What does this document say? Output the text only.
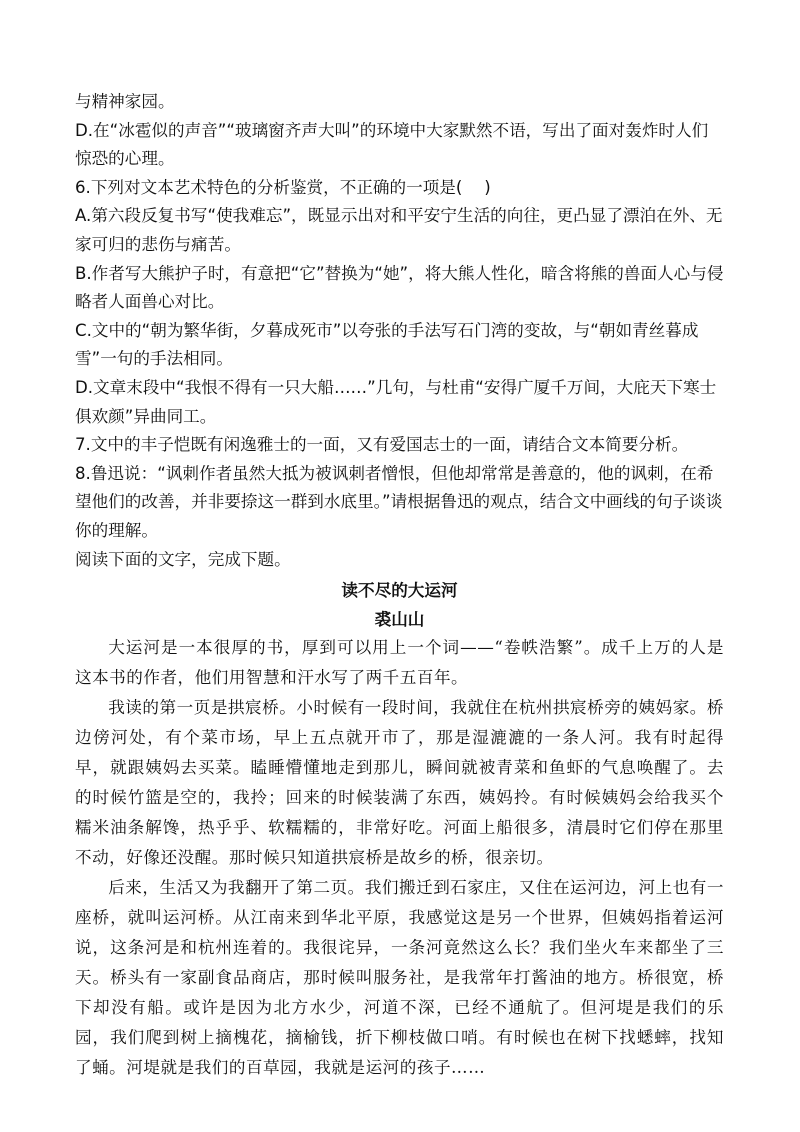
与精神家园。

D.在“冰雹似的声音”“玻璃窗齐声大叫”的环境中大家默然不语，写出了面对轰炸时人们惊恐的心理。

6.下列对文本艺术特色的分析鉴赏，不正确的一项是(　 )

A.第六段反复书写“使我难忘”，既显示出对和平安宁生活的向往，更凸显了漂泊在外、无家可归的悲伤与痛苦。

B.作者写大熊护子时，有意把“它”替换为“她”，将大熊人性化，暗含将熊的兽面人心与侵略者人面兽心对比。

C.文中的“朝为繁华街，夕暮成死市”以夸张的手法写石门湾的变故，与“朝如青丝暮成雪”一句的手法相同。

D.文章末段中“我恨不得有一只大船……”几句，与杜甫“安得广厦千万间，大庇天下寒士俱欢颜”异曲同工。

7.文中的丰子恺既有闲逸雅士的一面，又有爱国志士的一面，请结合文本简要分析。

8.鲁迅说：“讽刺作者虽然大抵为被讽刺者憎恨，但他却常常是善意的，他的讽刺，在希望他们的改善，并非要捺这一群到水底里。”请根据鲁迅的观点，结合文中画线的句子谈谈你的理解。

阅读下面的文字，完成下题。

读不尽的大运河

裘山山

大运河是一本很厚的书，厚到可以用上一个词——“卷帙浩繁”。成千上万的人是这本书的作者，他们用智慧和汗水写了两千五百年。

我读的第一页是拱宸桥。小时候有一段时间，我就住在杭州拱宸桥旁的姨妈家。桥边傍河处，有个菜市场，早上五点就开市了，那是湿漉漉的一条人河。我有时起得早，就跟姨妈去买菜。瞌睡懵懂地走到那儿，瞬间就被青菜和鱼虾的气息唤醒了。去的时候竹篮是空的，我拎；回来的时候装满了东西，姨妈拎。有时候姨妈会给我买个糯米油条解馋，热乎乎、软糯糯的，非常好吃。河面上船很多，清晨时它们停在那里不动，好像还没醒。那时候只知道拱宸桥是故乡的桥，很亲切。

后来，生活又为我翻开了第二页。我们搬迁到石家庄，又住在运河边，河上也有一座桥，就叫运河桥。从江南来到华北平原，我感觉这是另一个世界，但姨妈指着运河说，这条河是和杭州连着的。我很诧异，一条河竟然这么长？我们坐火车来都坐了三天。桥头有一家副食品商店，那时候叫服务社，是我常年打酱油的地方。桥很宽，桥下却没有船。或许是因为北方水少，河道不深，已经不通航了。但河堤是我们的乐园，我们爬到树上摘槐花，摘榆钱，折下柳枝做口哨。有时候也在树下找蟋蟀，找知了蛹。河堤就是我们的百草园，我就是运河的孩子……
